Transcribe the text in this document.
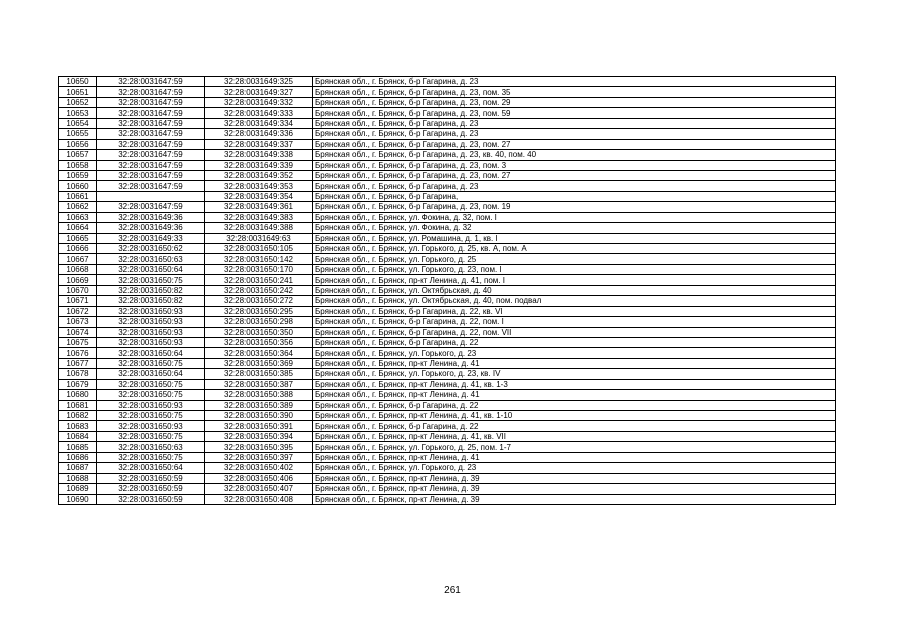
10650	32:28:0031647:59	32:28:0031649:325	Брянская обл., г. Брянск, б-р Гагарина, д. 23
10651	32:28:0031647:59	32:28:0031649:327	Брянская обл., г. Брянск, б-р Гагарина, д. 23, пом. 35
10652	32:28:0031647:59	32:28:0031649:332	Брянская обл., г. Брянск, б-р Гагарина, д. 23, пом. 29
10653	32:28:0031647:59	32:28:0031649:333	Брянская обл., г. Брянск, б-р Гагарина, д. 23, пом. 59
10654	32:28:0031647:59	32:28:0031649:334	Брянская обл., г. Брянск, б-р Гагарина, д. 23
10655	32:28:0031647:59	32:28:0031649:336	Брянская обл., г. Брянск, б-р Гагарина, д. 23
10656	32:28:0031647:59	32:28:0031649:337	Брянская обл., г. Брянск, б-р Гагарина, д. 23, пом. 27
10657	32:28:0031647:59	32:28:0031649:338	Брянская обл., г. Брянск, б-р Гагарина, д. 23, кв. 40, пом. 40
10658	32:28:0031647:59	32:28:0031649:339	Брянская обл., г. Брянск, б-р Гагарина, д. 23, пом. 3
10659	32:28:0031647:59	32:28:0031649:352	Брянская обл., г. Брянск, б-р Гагарина, д. 23, пом. 27
10660	32:28:0031647:59	32:28:0031649:353	Брянская обл., г. Брянск, б-р Гагарина, д. 23
10661		32:28:0031649:354	Брянская обл., г. Брянск, б-р Гагарина,
10662	32:28:0031647:59	32:28:0031649:361	Брянская обл., г. Брянск, б-р Гагарина, д. 23, пом. 19
10663	32:28:0031649:36	32:28:0031649:383	Брянская обл., г. Брянск, ул. Фокина, д. 32, пом. I
10664	32:28:0031649:36	32:28:0031649:388	Брянская обл., г. Брянск, ул. Фокина, д. 32
10665	32:28:0031649:33	32:28:0031649:63	Брянская обл., г. Брянск, ул. Ромашина, д. 1, кв. I
10666	32:28:0031650:62	32:28:0031650:105	Брянская обл., г. Брянск, ул. Горького, д. 25, кв. А, пом. А
10667	32:28:0031650:63	32:28:0031650:142	Брянская обл., г. Брянск, ул. Горького, д. 25
10668	32:28:0031650:64	32:28:0031650:170	Брянская обл., г. Брянск, ул. Горького, д. 23, пом. I
10669	32:28:0031650:75	32:28:0031650:241	Брянская обл., г. Брянск, пр-кт Ленина, д. 41, пом. I
10670	32:28:0031650:82	32:28:0031650:242	Брянская обл., г. Брянск, ул. Октябрьская, д. 40
10671	32:28:0031650:82	32:28:0031650:272	Брянская обл., г. Брянск, ул. Октябрьская, д. 40, пом. подвал
10672	32:28:0031650:93	32:28:0031650:295	Брянская обл., г. Брянск, б-р Гагарина, д. 22, кв. VI
10673	32:28:0031650:93	32:28:0031650:298	Брянская обл., г. Брянск, б-р Гагарина, д. 22, пом. I
10674	32:28:0031650:93	32:28:0031650:350	Брянская обл., г. Брянск, б-р Гагарина, д. 22, пом. VII
10675	32:28:0031650:93	32:28:0031650:356	Брянская обл., г. Брянск, б-р Гагарина, д. 22
10676	32:28:0031650:64	32:28:0031650:364	Брянская обл., г. Брянск, ул. Горького, д. 23
10677	32:28:0031650:75	32:28:0031650:369	Брянская обл., г. Брянск, пр-кт Ленина, д. 41
10678	32:28:0031650:64	32:28:0031650:385	Брянская обл., г. Брянск, ул. Горького, д. 23, кв. IV
10679	32:28:0031650:75	32:28:0031650:387	Брянская обл., г. Брянск, пр-кт Ленина, д. 41, кв. 1-3
10680	32:28:0031650:75	32:28:0031650:388	Брянская обл., г. Брянск, пр-кт Ленина, д. 41
10681	32:28:0031650:93	32:28:0031650:389	Брянская обл., г. Брянск, б-р Гагарина, д. 22
10682	32:28:0031650:75	32:28:0031650:390	Брянская обл., г. Брянск, пр-кт Ленина, д. 41, кв. 1-10
10683	32:28:0031650:93	32:28:0031650:391	Брянская обл., г. Брянск, б-р Гагарина, д. 22
10684	32:28:0031650:75	32:28:0031650:394	Брянская обл., г. Брянск, пр-кт Ленина, д. 41, кв. VII
10685	32:28:0031650:63	32:28:0031650:395	Брянская обл., г. Брянск, ул. Горького, д. 25, пом. 1-7
10686	32:28:0031650:75	32:28:0031650:397	Брянская обл., г. Брянск, пр-кт Ленина, д. 41
10687	32:28:0031650:64	32:28:0031650:402	Брянская обл., г. Брянск, ул. Горького, д. 23
10688	32:28:0031650:59	32:28:0031650:406	Брянская обл., г. Брянск, пр-кт Ленина, д. 39
10689	32:28:0031650:59	32:28:0031650:407	Брянская обл., г. Брянск, пр-кт Ленина, д. 39
10690	32:28:0031650:59	32:28:0031650:408	Брянская обл., г. Брянск, пр-кт Ленина, д. 39
261
